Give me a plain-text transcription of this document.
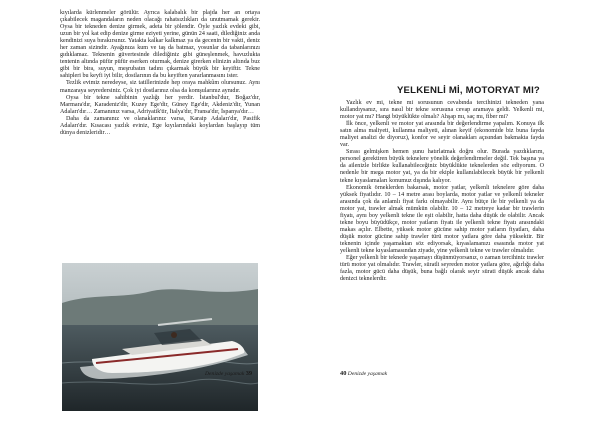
kıyılarda kürlenmeler görülür. Ayrıca kalabalık bir plajda her an ortaya çıkabilecek magandaların neden olacağı rahatsızlıkları da unutmamak gerekir. Oysa bir tekneden denize girmek, adeta bir şölendir. Öyle yazlık evdeki gibi, uzun bir yol kat edip denize girme eziyeti yerine, günün 24 saati, dilediğiniz anda kendinizi suya bırakırsınız. Yatakta kalkar kalkmaz ya da gecenin bir vakti, deniz her zaman sizindir. Ayağınıza kum ve taş da batmaz, yosunlar da tabanlarınızı gıdıklamaz. Teknenin güvertesinde dilediğiniz gibi güneşlenmek, havuzlukta tentenin altında püfür püfür eserken oturmak, denize girerken elinizin altında buz gibi bir bira, suyun, meşrubatın tadını çıkarmak büyük bir keyiftir. Tekne sahipleri bu keyfi iyi bilir, dostlarının da bu keyiften yararlanmasını ister.

Tezlik evimiz neredeyse, siz tatillerinizde hep oraya mahkûm olursunuz. Aynı manzaraya seyredersiniz. Çok iyi dostlarınız olsa da komşularınız aynıdır.

Oysa bir tekne sahibinin yazlığı her yerdir. İstanbul'dur, Boğaz'dır, Marmara'dır, Karadeniz'dir, Kuzey Ege'dir, Güney Ege'dir, Akdeniz'dir, Yunan Adaları'dır… Zamanınız varsa, Adriyatik'tir, İtalya'dır, Fransa'dır, İspanya'dır…

Daha da zamanınız ve olanaklarınız varsa, Karaip Adaları'dır, Pasifik Adaları'dır. Kısacası yazlık eviniz, Ege kıyılarındaki koylardan başlayıp tüm dünya denizleridir…

Denizde yaşamak 39
YELKENLİ Mİ, MOTORYAT MI?

Yazlık ev mi, tekne mi sorusunun cevabında tercihinizi tekneden yana kullandıysanız, sıra nasıl bir tekne sorusuna cevap aramaya geldi. Yelkenli mi, motor yat mı? Hangi büyüklükte olmalı? Ahşap mı, saç mı, fiber mi?

İlk önce, yelkenli ve motor yat arasında bir değerlendirme yapalım. Konuya ilk satın alma maliyeti, kullanma maliyeti, alınan keyif (ekonomide biz buna fayda maliyet analizi de diyoruz), konfor ve seyir olanakları açısından bakmakta fayda var.

Sırası gelmişken hemen şunu hatırlatmak doğru olur. Burada yazdıklarım, personel gerektiren büyük teknelere yönelik değerlendirmeler değil. Tek başına ya da ailenizle birlikte kullanabileceğiniz büyüklükte teknelerden söz ediyorum. O nedenle bir mega motor yat, ya da bir ekiple kullanılabilecek büyük bir yelkenli tekne kıyaslamaları konumuz dışında kalıyor.

Ekonomik örneklerden bakarsak, motor yatlar, yelkenli teknelere göre daha yüksek fiyatlıdır. 10 – 14 metre arası boylarda, motor yatlar ve yelkenli tekneler arasında çok da anlamlı fiyat farkı olmayabilir. Aynı bütçe ile bir yelkenli ya da motor yat, trawler almak mümkün olabilir. 10 – 12 metreye kadar bir trawlerin fiyatı, aynı boy yelkenli tekne ile eşit olabilir, hatta daha düşük de olabilir. Ancak tekne boyu büyüdükçe, motor yatların fiyatı ile yelkenli tekne fiyatı arasındaki makas açılır. Elbette, yüksek motor gücüne sahip motor yatların fiyatları, daha düşük motor gücüne sahip trawler türü motor yatlara göre daha yüksektir. Bir teknenin içinde yaşamaktan söz ediyorsak, kıyaslamanızı esasında motor yat yelkenli tekne kıyaslamasından ziyade, yine yelkenli tekne ve trawler olmalıdır.

Eğer yelkenli bir teknede yaşamayı düşünmüyorsanız, o zaman tercihiniz trawler türü motor yat olmalıdır. Trawler, süratli seyreden motor yatlara göre, ağırlığı daha fazla, motor gücü daha düşük, buna bağlı olarak seyir sürati düşük ancak daha denizci teknelerdir.

40 Denizde yaşamak
